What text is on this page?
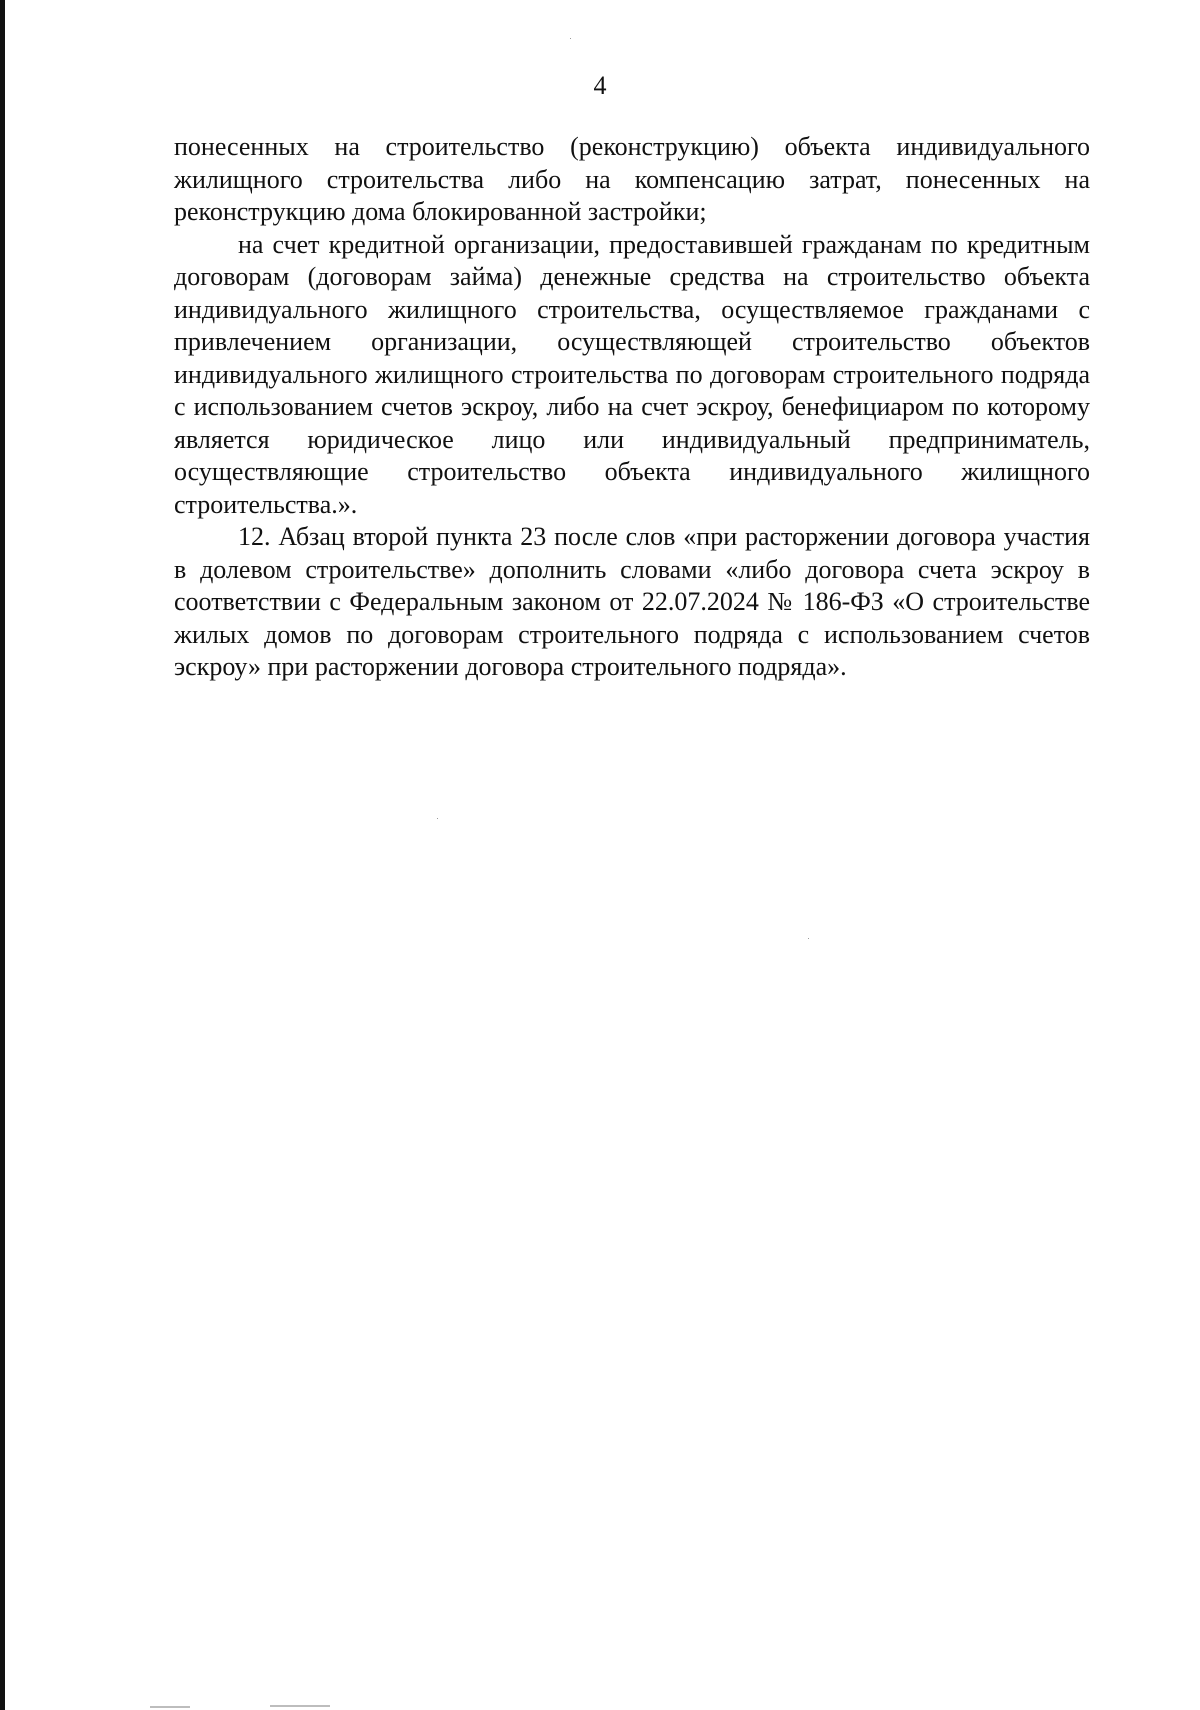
4

понесенных на строительство (реконструкцию) объекта индивидуального жилищного строительства либо на компенсацию затрат, понесенных на реконструкцию дома блокированной застройки;

на счет кредитной организации, предоставившей гражданам по кредитным договорам (договорам займа) денежные средства на строительство объекта индивидуального жилищного строительства, осуществляемое гражданами с привлечением организации, осуществляющей строительство объектов индивидуального жилищного строительства по договорам строительного подряда с использованием счетов эскроу, либо на счет эскроу, бенефициаром по которому является юридическое лицо или индивидуальный предприниматель, осуществляющие строительство объекта индивидуального жилищного строительства.».

12. Абзац второй пункта 23 после слов «при расторжении договора участия в долевом строительстве» дополнить словами «либо договора счета эскроу в соответствии с Федеральным законом от 22.07.2024 № 186-ФЗ «О строительстве жилых домов по договорам строительного подряда с использованием счетов эскроу» при расторжении договора строительного подряда».
